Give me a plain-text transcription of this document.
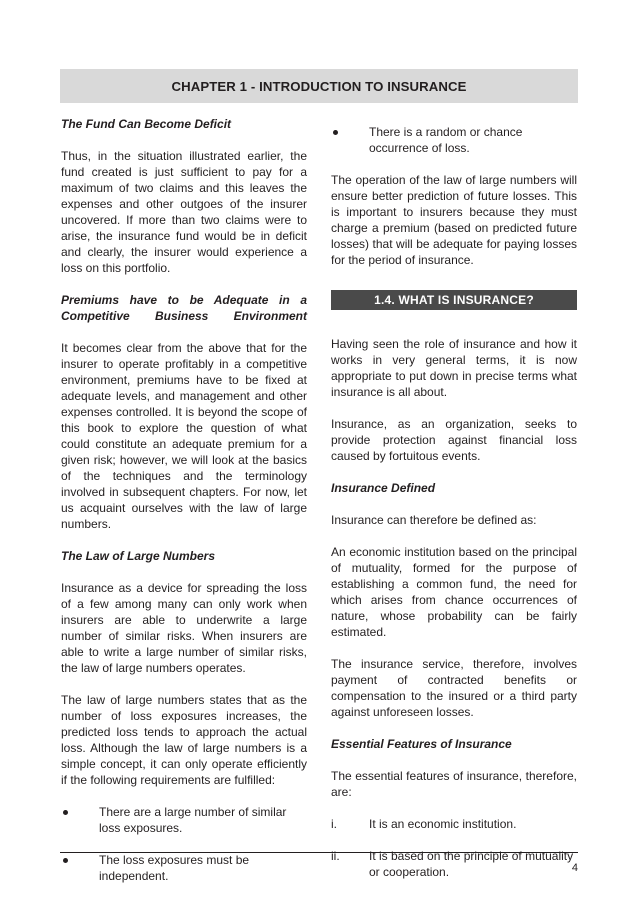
CHAPTER 1 - INTRODUCTION TO INSURANCE
The Fund Can Become Deficit

Thus, in the situation illustrated earlier, the fund created is just sufficient to pay for a maximum of two claims and this leaves the expenses and other outgoes of the insurer uncovered. If more than two claims were to arise, the insurance fund would be in deficit and clearly, the insurer would experience a loss on this portfolio.

Premiums have to be Adequate in a Competitive Business Environment

It becomes clear from the above that for the insurer to operate profitably in a competitive environment, premiums have to be fixed at adequate levels, and management and other expenses controlled. It is beyond the scope of this book to explore the question of what could constitute an adequate premium for a given risk; however, we will look at the basics of the techniques and the terminology involved in subsequent chapters. For now, let us acquaint ourselves with the law of large numbers.

The Law of Large Numbers

Insurance as a device for spreading the loss of a few among many can only work when insurers are able to underwrite a large number of similar risks. When insurers are able to write a large number of similar risks, the law of large numbers operates.

The law of large numbers states that as the number of loss exposures increases, the predicted loss tends to approach the actual loss. Although the law of large numbers is a simple concept, it can only operate efficiently if the following requirements are fulfilled:

There are a large number of similar loss exposures.
The loss exposures must be independent.
There is a random or chance occurrence of loss.

The operation of the law of large numbers will ensure better prediction of future losses. This is important to insurers because they must charge a premium (based on predicted future losses) that will be adequate for paying losses for the period of insurance.

1.4. WHAT IS INSURANCE?

Having seen the role of insurance and how it works in very general terms, it is now appropriate to put down in precise terms what insurance is all about.

Insurance, as an organization, seeks to provide protection against financial loss caused by fortuitous events.

Insurance Defined

Insurance can therefore be defined as:

An economic institution based on the principal of mutuality, formed for the purpose of establishing a common fund, the need for which arises from chance occurrences of nature, whose probability can be fairly estimated.

The insurance service, therefore, involves payment of contracted benefits or compensation to the insured or a third party against unforeseen losses.

Essential Features of Insurance

The essential features of insurance, therefore, are:

i.	It is an economic institution.
ii. It is based on the principle of mutuality or cooperation.	4
